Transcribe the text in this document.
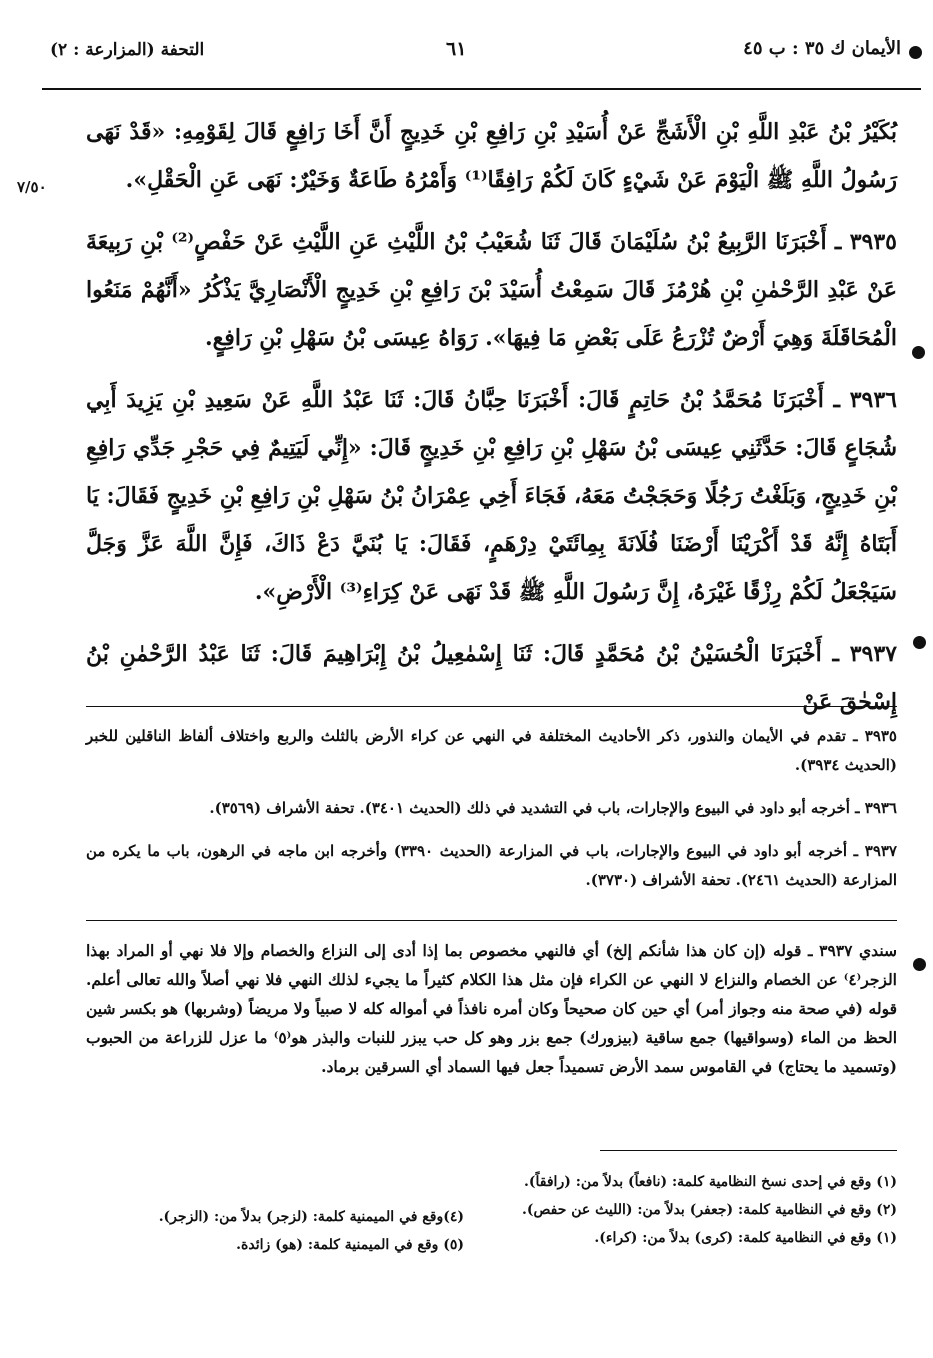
الأيمان ك ٣٥ : ب ٤٥
٦١
التحفة (المزارعة : ٢)
٧/٥٠

بُكَيْرُ بْنُ عَبْدِ اللَّهِ بْنِ الْأَشَجِّ عَنْ أُسَيْدِ بْنِ رَافِعِ بْنِ خَدِيجٍ أَنَّ أَخَا رَافِعٍ قَالَ لِقَوْمِهِ: «قَدْ نَهَى رَسُولُ اللَّهِ ﷺ الْيَوْمَ عَنْ شَيْءٍ كَانَ لَكُمْ رَافِقًا⁽¹⁾ وَأَمْرُهُ طَاعَةٌ وَخَيْرٌ: نَهَى عَنِ الْحَقْلِ».

٣٩٣٥ ـ أَخْبَرَنَا الرَّبِيعُ بْنُ سُلَيْمَانَ قَالَ ثَنَا شُعَيْبُ بْنُ اللَّيْثِ عَنِ اللَّيْثِ عَنْ حَفْصٍ⁽²⁾ بْنِ رَبِيعَةَ عَنْ عَبْدِ الرَّحْمٰنِ بْنِ هُرْمُزَ قَالَ سَمِعْتُ أُسَيْدَ بْنَ رَافِعِ بْنِ خَدِيجٍ الْأَنْصَارِيَّ يَذْكُرُ «أَنَّهُمْ مَنَعُوا الْمُحَاقَلَةَ وَهِيَ أَرْضٌ تُزْرَعُ عَلَى بَعْضِ مَا فِيهَا». رَوَاهُ عِيسَى بْنُ سَهْلِ بْنِ رَافِعٍ.

٣٩٣٦ ـ أَخْبَرَنَا مُحَمَّدُ بْنُ حَاتِمٍ قَالَ: أَخْبَرَنَا حِبَّانُ قَالَ: ثَنَا عَبْدُ اللَّهِ عَنْ سَعِيدِ بْنِ يَزِيدَ أَبِي شُجَاعٍ قَالَ: حَدَّثَنِي عِيسَى بْنُ سَهْلِ بْنِ رَافِعِ بْنِ خَدِيجٍ قَالَ: «إِنِّي لَيَتِيمٌ فِي حَجْرِ جَدِّي رَافِعِ بْنِ خَدِيجٍ، وَبَلَغْتُ رَجُلًا وَحَجَجْتُ مَعَهُ، فَجَاءَ أَخِي عِمْرَانُ بْنُ سَهْلِ بْنِ رَافِعِ بْنِ خَدِيجٍ فَقَالَ: يَا أَبَتَاهُ إِنَّهُ قَدْ أَكْرَيْنَا أَرْضَنَا فُلَانَةَ بِمِائَتَيْ دِرْهَمٍ، فَقَالَ: يَا بُنَيَّ دَعْ ذَاكَ، فَإِنَّ اللَّهَ عَزَّ وَجَلَّ سَيَجْعَلُ لَكُمْ رِزْقًا غَيْرَهُ، إِنَّ رَسُولَ اللَّهِ ﷺ قَدْ نَهَى عَنْ كِرَاءِ⁽³⁾ الْأَرْضِ».

٣٩٣٧ ـ أَخْبَرَنَا الْحُسَيْنُ بْنُ مُحَمَّدٍ قَالَ: ثَنَا إِسْمٰعِيلُ بْنُ إِبْرَاهِيمَ قَالَ: ثَنَا عَبْدُ الرَّحْمٰنِ بْنُ إِسْحٰقَ عَنْ

٣٩٣٥ ـ تقدم في الأيمان والنذور، ذكر الأحاديث المختلفة في النهي عن كراء الأرض بالثلث والربع واختلاف ألفاظ الناقلين للخبر (الحديث ٣٩٣٤).

٣٩٣٦ ـ أخرجه أبو داود في البيوع والإجارات، باب في التشديد في ذلك (الحديث ٣٤٠١). تحفة الأشراف (٣٥٦٩).

٣٩٣٧ ـ أخرجه أبو داود في البيوع والإجارات، باب في المزارعة (الحديث ٣٣٩٠) وأخرجه ابن ماجه في الرهون، باب ما يكره من المزارعة (الحديث ٢٤٦١). تحفة الأشراف (٣٧٣٠).

سندي ٣٩٣٧ ـ قوله (إن كان هذا شأنكم إلخ) أي فالنهي مخصوص بما إذا أدى إلى النزاع والخصام وإلا فلا نهي أو المراد بهذا الزجر⁽٤⁾ عن الخصام والنزاع لا النهي عن الكراء فإن مثل هذا الكلام كثيراً ما يجيء لذلك النهي فلا نهي أصلاً والله تعالى أعلم. قوله (في صحة منه وجواز أمر) أي حين كان صحيحاً وكان أمره نافذاً في أمواله كله لا صبياً ولا مريضاً (وشربها) هو بكسر شين الحظ من الماء (وسواقيها) جمع ساقية (بيزورك) جمع بزر وهو كل حب يبزر للنبات والبذر هو⁽٥⁾ ما عزل للزراعة من الحبوب (وتسميد ما يحتاج) في القاموس سمد الأرض تسميداً جعل فيها السماد أي السرقين برماد.

(١) وقع في إحدى نسخ النظامية كلمة: (نافعاً) بدلاً من: (رافقاً).

(٢) وقع في النظامية كلمة: (جعفر) بدلاً من: (الليث عن حفص).

(١) وقع في النظامية كلمة: (كرى) بدلاً من: (كراء).

(٤)وقع في الميمنية كلمة: (لزجر) بدلاً من: (الزجر).

(٥) وقع في الميمنية كلمة: (هو) زائدة.
